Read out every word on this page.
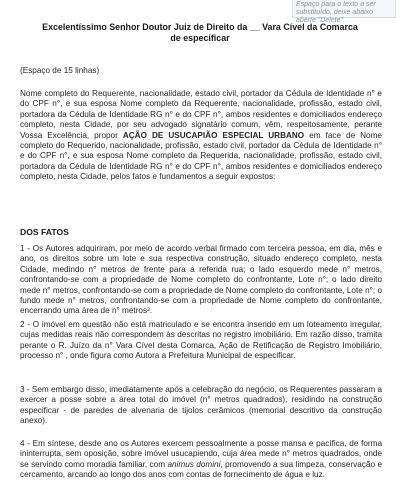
Espaço para o texto a ser substituído, deixe abaixo
aberte "Delete"
Excelentíssimo Senhor Doutor Juiz de Direito da __ Vara Cível da Comarca
de especificar

(Espaço de 15 linhas)

Nome completo do Requerente, nacionalidade, estado civil, portador da Cédula de Identidade n° e do CPF n°, e sua esposa Nome completo da Requerente, nacionalidade, profissão, estado civil, portadora da Cédula de Identidade RG n° e do CPF n°, ambos residentes e domiciliados endereço completo, nesta Cidade, por seu advogado signatário comum, vêm, respeitosamente, perante Vossa Excelência, propor AÇÃO DE USUCAPIÃO ESPECIAL URBANO em face de Nome completo do Requerido, nacionalidade, profissão, estado civil, portador da Cédula de Identidade n° e do CPF n°, e sua esposa Nome completo da Requerida, nacionalidade, profissão, estado civil, portadora da Cédula de Identidade RG n° e do CPF n°, ambos residentes e domiciliados endereço completo, nesta Cidade, pelos fatos e fundamentos a seguir expostos:

DOS FATOS

1 - Os Autores adquiriram, por meio de acordo verbal firmado com terceira pessoa, em dia, mês e ano, os direitos sobre um lote e sua respectiva construção, situado endereço completo, nesta Cidade, medindo n° metros de frente para a referida rua; o lado esquerdo mede n° metros, confrontando-se com a propriedade de Nome completo do confrontante, Lote n°; o lado direito mede n° metros, confrontando-se com a propriedade de Nome completo do confrontante, Lote n°; o fundo mede n° metros, confrontando-se com a propriedade de Nome completo do confrontante, encerrando uma área de n° metros².

2 - O imóvel em questão não está matriculado e se encontra inserido em um loteamento irregular, cujas medidas reais não correspondem às descritas no registro imobiliário. Em razão disso, tramita perante o R. Juízo da n° Vara Cível desta Comarca, Ação de Retificação de Registro Imobiliário, processo n° , onde figura como Autora a Prefeitura Municipal de especificar.

3 - Sem embargo disso, imediatamente após a celebração do negócio, os Requerentes passaram a exercer a posse sobre a área total do imóvel (n° metros quadrados), residindo na construção especificar - de paredes de alvenaria de tijolos cerâmicos (memorial descritivo da construção anexo).

4 - Em síntese, desde ano os Autores exercem pessoalmente a posse mansa e pacífica, de forma ininterrupta, sem oposição, sobre imóvel usucapiendo, cuja área mede n° metros quadrados, onde se servindo como moradia familiar, com animus domini, promovendo a sua limpeza, conservação e cercamento, arcando ao longo dos anos com contas de fornecimento de água e luz.
